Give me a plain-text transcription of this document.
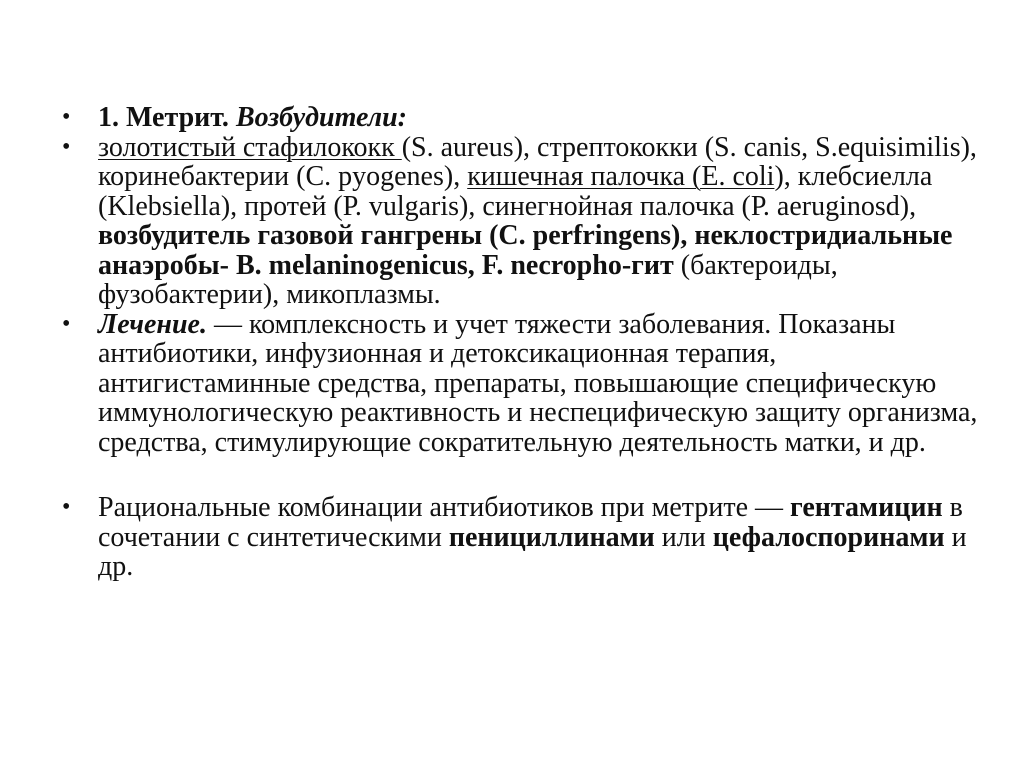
• 1. Метрит. Возбудители:
• золотистый стафилококк (S. aureus), стрептококки (S. canis, S.equisimilis), коринебактерии (С. pyogenes), кишечная палочка (Е. coli), клебсиелла (Klebsiella), протей (Р. vulgaris), синегнойная палочка (Р. aeruginosd), возбудитель газовой гангрены (С. perfringens), неклостридиальные анаэробы- В. melaninogenicus, F. necropho-гит (бактероиды, фузобактерии), микоплазмы.
• Лечение. — комплексность и учет тяжести заболевания. Показаны антибиотики, инфузионная и детоксикационная терапия, антигистаминные средства, препараты, повышающие специфическую иммунологическую реактивность и неспецифическую защиту организма, средства, стимулирующие сократительную деятельность матки, и др.
• Рациональные комбинации антибиотиков при метрите — гентамицин в сочетании с синтетическими пенициллинами или цефалоспоринами и др.
